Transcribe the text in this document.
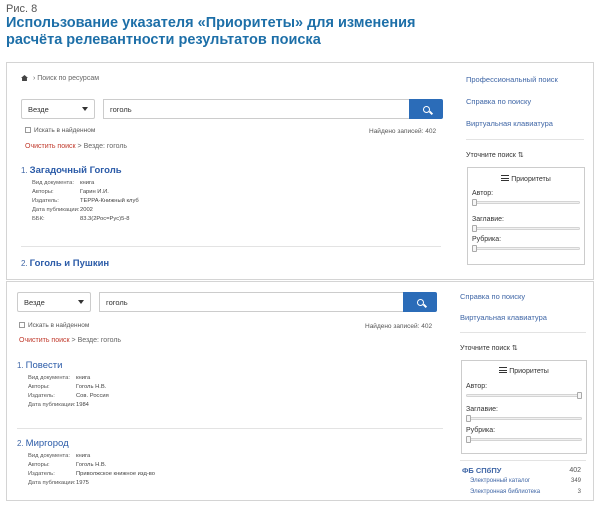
Рис. 8
Использование указателя «Приоритеты» для изменения
расчёта релевантности результатов поиска
› Поиск по ресурсам
Везде	гоголь
Искать в найденном	Найдено записей: 402
Очистить поиск > Везде: гоголь
1. Загадочный Гоголь
Вид документа: книга
Авторы:	Гарин И.И.
Издатель:	ТЕРРА-Книжный клуб
Дата публикации:2002
ББК:	83.3(2Рос=Рус)5-8
2. Гоголь и Пушкин
Профессиональный поиск
Справка по поиску
Виртуальная клавиатура
Уточните поиск ⇅
Приоритеты
Автор:
Заглавие:
Рубрика:
Везде	гоголь
Искать в найденном	Найдено записей: 402
Очистить поиск > Везде: гоголь
1. Повести
Вид документа: книга
Авторы:	Гоголь Н.В.
Издатель:	Сов. Россия
Дата публикации:1984
2. Миргород
Вид документа: книга
Авторы:	Гоголь Н.В.
Издатель:	Приволжское книжное изд-во
Дата публикации:1975
Справка по поиску
Виртуальная клавиатура
Уточните поиск ⇅
Приоритеты
Автор:
Заглавие:
Рубрика:
ФБ СПбПУ	402
Электронный каталог	349
Электронная библиотека	3
